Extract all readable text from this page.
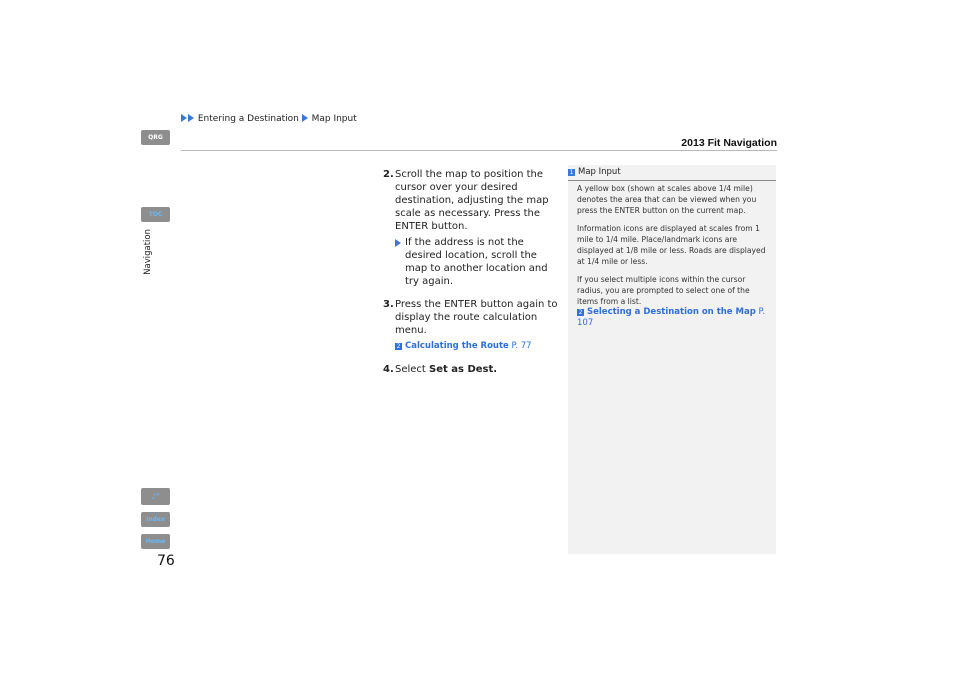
Entering a Destination Map Input
2013 Fit Navigation
QRG
TOC
Navigation
♪’
Index
Home
76
2. Scroll the map to position the cursor over your desired destination, adjusting the map scale as necessary. Press the ENTER button.
If the address is not the desired location, scroll the map to another location and try again.
3. Press the ENTER button again to display the route calculation menu.
2 Calculating the Route P. 77
4. Select Set as Dest.
1 Map Input

A yellow box (shown at scales above 1/4 mile) denotes the area that can be viewed when you press the ENTER button on the current map.

Information icons are displayed at scales from 1 mile to 1/4 mile. Place/landmark icons are displayed at 1/8 mile or less. Roads are displayed at 1/4 mile or less.

If you select multiple icons within the cursor radius, you are prompted to select one of the items from a list.

2 Selecting a Destination on the Map P. 107
